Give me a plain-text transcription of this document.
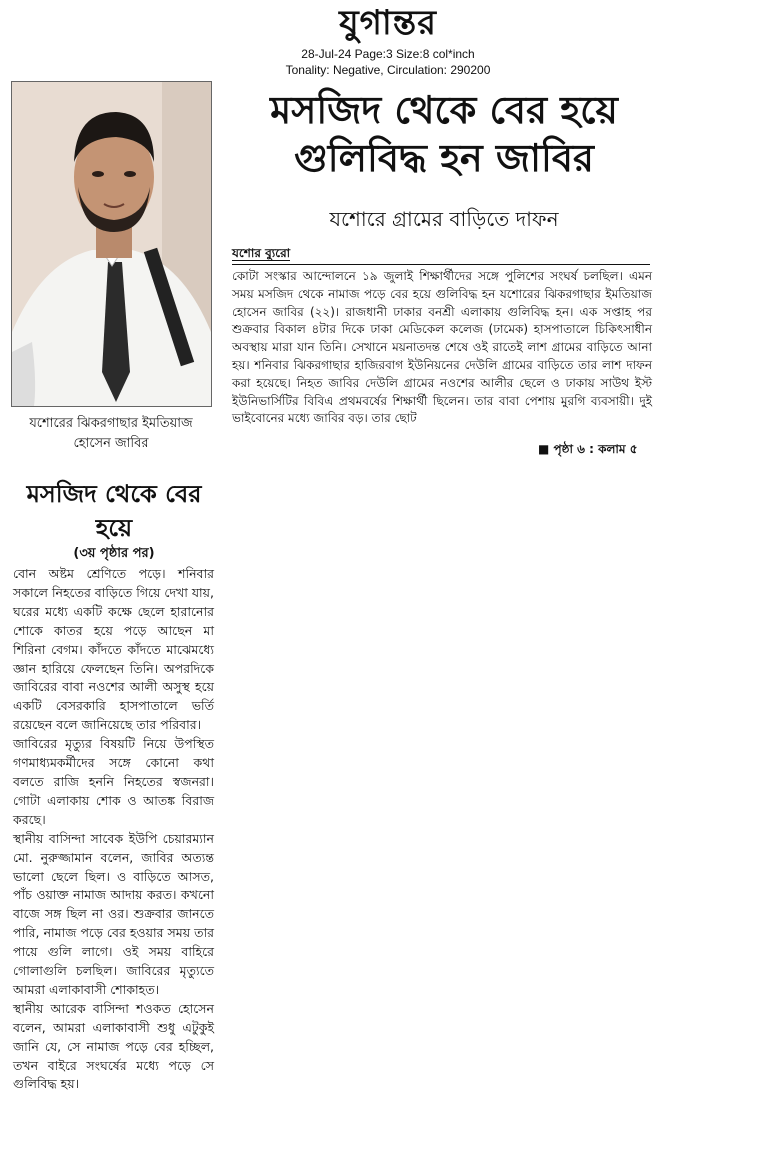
যুগান্তর
28-Jul-24 Page:3 Size:8 col*inch
Tonality: Negative, Circulation: 290200
যশোরের ঝিকরগাছার ইমতিয়াজ হোসেন জাবির
মসজিদ থেকে বের হয়ে গুলিবিদ্ধ হন জাবির
যশোরে গ্রামের বাড়িতে দাফন
যশোর ব্যুরো
কোটা সংস্কার আন্দোলনে ১৯ জুলাই শিক্ষার্থীদের সঙ্গে পুলিশের সংঘর্ষ চলছিল। এমন সময় মসজিদ থেকে নামাজ পড়ে বের হয়ে গুলিবিদ্ধ হন যশোরের ঝিকরগাছার ইমতিয়াজ হোসেন জাবির (২২)। রাজধানী ঢাকার বনশ্রী এলাকায় গুলিবিদ্ধ হন। এক সপ্তাহ পর শুক্রবার বিকাল ৪টার দিকে ঢাকা মেডিকেল কলেজ (ঢামেক) হাসপাতালে চিকিৎসাধীন অবস্থায় মারা যান তিনি। সেখানে ময়নাতদন্ত শেষে ওই রাতেই লাশ গ্রামের বাড়িতে আনা হয়। শনিবার ঝিকরগাছার হাজিরবাগ ইউনিয়নের দেউলি গ্রামের বাড়িতে তার লাশ দাফন করা হয়েছে। নিহত জাবির দেউলি গ্রামের নওশের আলীর ছেলে ও ঢাকায় সাউথ ইস্ট ইউনিভার্সিটির বিবিএ প্রথমবর্ষের শিক্ষার্থী ছিলেন। তার বাবা পেশায় মুরগি ব্যবসায়ী। দুই ভাইবোনের মধ্যে জাবির বড়। তার ছোট
■ পৃষ্ঠা ৬ : কলাম ৫
মসজিদ থেকে বের হয়ে
(৩য় পৃষ্ঠার পর)

বোন অষ্টম শ্রেণিতে পড়ে। শনিবার সকালে নিহতের বাড়িতে গিয়ে দেখা যায়, ঘরের মধ্যে একটি কক্ষে ছেলে হারানোর শোকে কাতর হয়ে পড়ে আছেন মা শিরিনা বেগম। কাঁদতে কাঁদতে মাঝেমধ্যে জ্ঞান হারিয়ে ফেলছেন তিনি। অপরদিকে জাবিরের বাবা নওশের আলী অসুস্থ হয়ে একটি বেসরকারি হাসপাতালে ভর্তি রয়েছেন বলে জানিয়েছে তার পরিবার।

জাবিরের মৃত্যুর বিষয়টি নিয়ে উপস্থিত গণমাধ্যমকর্মীদের সঙ্গে কোনো কথা বলতে রাজি হননি নিহতের স্বজনরা। গোটা এলাকায় শোক ও আতঙ্ক বিরাজ করছে।

স্থানীয় বাসিন্দা সাবেক ইউপি চেয়ারম্যান মো. নুরুজ্জামান বলেন, জাবির অত্যন্ত ভালো ছেলে ছিল। ও বাড়িতে আসত, পাঁচ ওয়াক্ত নামাজ আদায় করত। কখনো বাজে সঙ্গ ছিল না ওর। শুক্রবার জানতে পারি, নামাজ পড়ে বের হওয়ার সময় তার পায়ে গুলি লাগে। ওই সময় বাহিরে গোলাগুলি চলছিল। জাবিরের মৃত্যুতে আমরা এলাকাবাসী শোকাহত।

স্থানীয় আরেক বাসিন্দা শওকত হোসেন বলেন, আমরা এলাকাবাসী শুধু এটুকুই জানি যে, সে নামাজ পড়ে বের হচ্ছিল, তখন বাইরে সংঘর্ষের মধ্যে পড়ে সে গুলিবিদ্ধ হয়।
